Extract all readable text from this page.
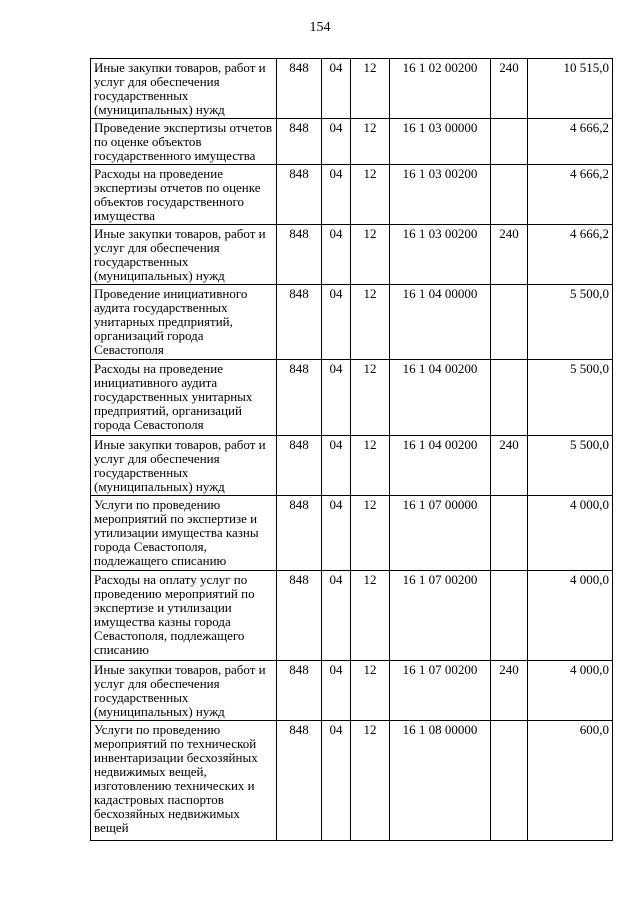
154
Иные закупки товаров, работ и услуг для обеспечения государственных (муниципальных) нужд	848	04	12	16 1 02 00200	240	10 515,0
Проведение экспертизы отчетов по оценке объектов государственного имущества	848	04	12	16 1 03 00000		4 666,2
Расходы на проведение экспертизы отчетов по оценке объектов государственного имущества	848	04	12	16 1 03 00200		4 666,2
Иные закупки товаров, работ и услуг для обеспечения государственных (муниципальных) нужд	848	04	12	16 1 03 00200	240	4 666,2
Проведение инициативного аудита государственных унитарных предприятий, организаций города Севастополя	848	04	12	16 1 04 00000		5 500,0
Расходы на проведение инициативного аудита государственных унитарных предприятий, организаций города Севастополя	848	04	12	16 1 04 00200		5 500,0
Иные закупки товаров, работ и услуг для обеспечения государственных (муниципальных) нужд	848	04	12	16 1 04 00200	240	5 500,0
Услуги по проведению мероприятий по экспертизе и утилизации имущества казны города Севастополя, подлежащего списанию	848	04	12	16 1 07 00000		4 000,0
Расходы на оплату услуг по проведению мероприятий по экспертизе и утилизации имущества казны города Севастополя, подлежащего списанию	848	04	12	16 1 07 00200		4 000,0
Иные закупки товаров, работ и услуг для обеспечения государственных (муниципальных) нужд	848	04	12	16 1 07 00200	240	4 000,0
Услуги по проведению мероприятий по технической инвентаризации бесхозяйных недвижимых вещей, изготовлению технических и кадастровых паспортов бесхозяйных недвижимых вещей	848	04	12	16 1 08 00000		600,0
